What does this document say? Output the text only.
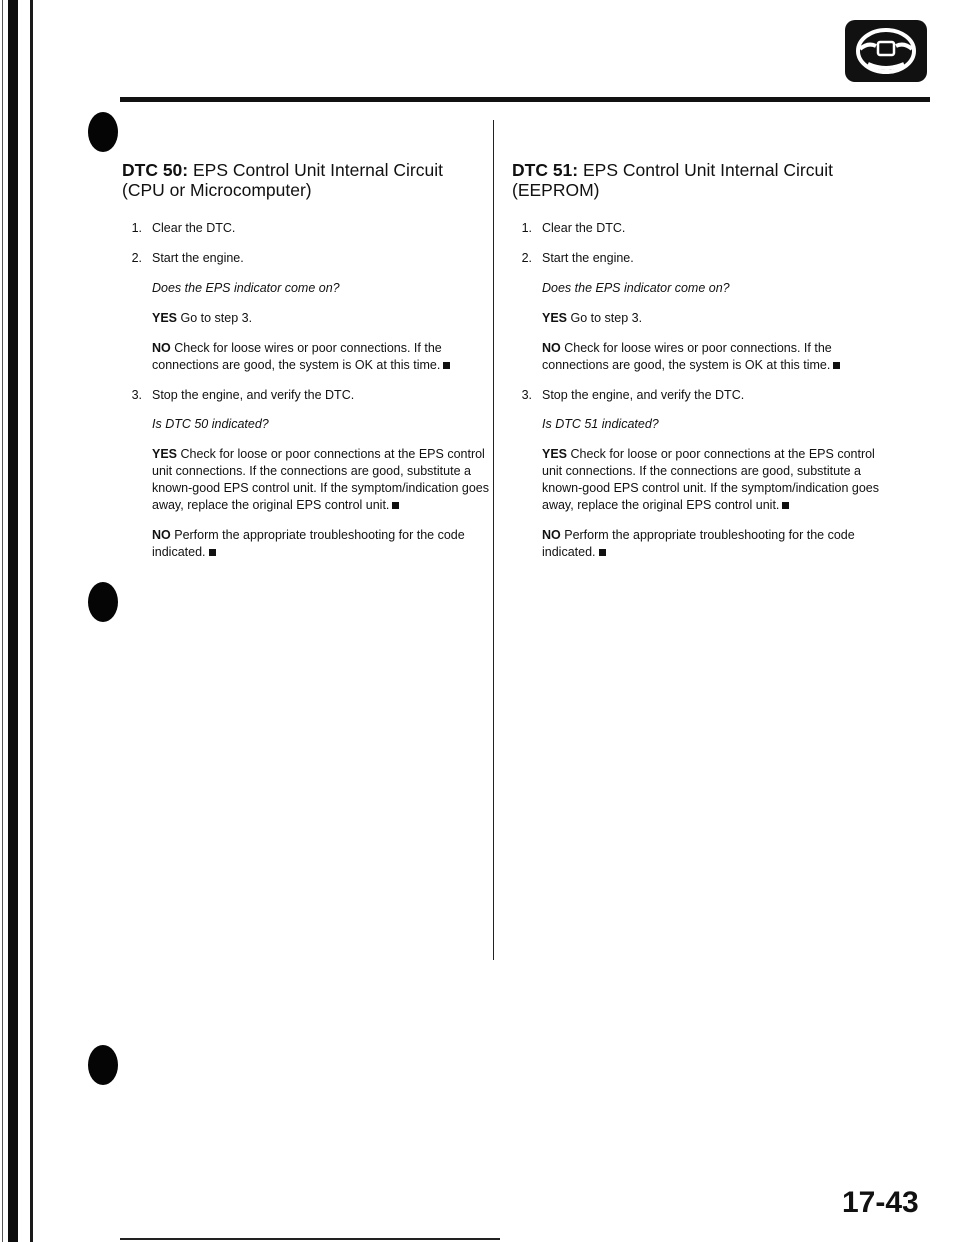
DTC 50: EPS Control Unit Internal Circuit
(CPU or Microcomputer)
1. Clear the DTC.
2. Start the engine.

Does the EPS indicator come on?

YES Go to step 3.

NO Check for loose wires or poor connections. If the connections are good, the system is OK at this time.

3. Stop the engine, and verify the DTC.

Is DTC 50 indicated?

YES Check for loose or poor connections at the EPS control unit connections. If the connections are good, substitute a known-good EPS control unit. If the symptom/indication goes away, replace the original EPS control unit.

NO Perform the appropriate troubleshooting for the code indicated.

DTC 51: EPS Control Unit Internal Circuit
(EEPROM)
1. Clear the DTC.
2. Start the engine.

Does the EPS indicator come on?

YES Go to step 3.

NO Check for loose wires or poor connections. If the connections are good, the system is OK at this time.

3. Stop the engine, and verify the DTC.

Is DTC 51 indicated?

YES Check for loose or poor connections at the EPS control unit connections. If the connections are good, substitute a known-good EPS control unit. If the symptom/indication goes away, replace the original EPS control unit.

NO Perform the appropriate troubleshooting for the code indicated.

17-43
